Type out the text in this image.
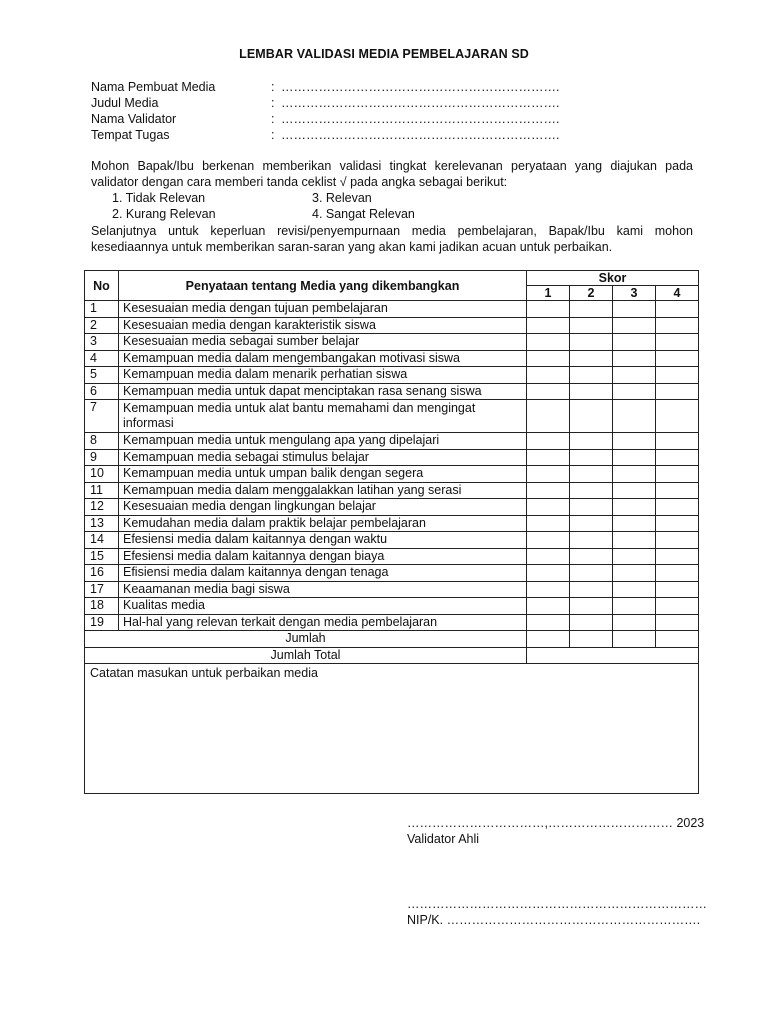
LEMBAR VALIDASI MEDIA PEMBELAJARAN SD
Nama Pembuat Media	: ………………………………………………………….
Judul Media	: ………………………………………………………….
Nama Validator	: ………………………………………………………….
Tempat Tugas	: ………………………………………………………….

Mohon Bapak/Ibu berkenan memberikan validasi tingkat kerelevanan peryataan yang diajukan pada validator dengan cara memberi tanda ceklist √ pada angka sebagai berikut:

1. Tidak Relevan	3. Relevan
2. Kurang Relevan	4. Sangat Relevan

Selanjutnya untuk keperluan revisi/penyempurnaan media pembelajaran, Bapak/Ibu kami mohon kesediaannya untuk memberikan saran-saran yang akan kami jadikan acuan untuk perbaikan.

No	Penyataan tentang Media yang dikembangkan	Skor			
		1	2	3	4
1	Kesesuaian media dengan tujuan pembelajaran				
2	Kesesuaian media dengan karakteristik siswa				
3	Kesesuaian media sebagai sumber belajar				
4	Kemampuan media dalam mengembangakan motivasi siswa				
5	Kemampuan media dalam menarik perhatian siswa				
6	Kemampuan media untuk dapat menciptakan rasa senang siswa				
7	Kemampuan media untuk alat bantu memahami dan mengingat informasi				
8	Kemampuan media untuk mengulang apa yang dipelajari				
9	Kemampuan media sebagai stimulus belajar				
10	Kemampuan media untuk umpan balik dengan segera				
11	Kemampuan media dalam menggalakkan latihan yang serasi				
12	Kesesuaian media dengan lingkungan belajar				
13	Kemudahan media dalam praktik belajar pembelajaran				
14	Efesiensi media dalam kaitannya dengan waktu				
15	Efesiensi media dalam kaitannya dengan biaya				
16	Efisiensi media dalam kaitannya dengan tenaga				
17	Keaamanan media bagi siswa				
18	Kualitas media				
19	Hal-hal yang relevan terkait dengan media pembelajaran				
Jumlah					
Jumlah Total					
Catatan masukan untuk perbaikan media					
……………………………,………………………… 2023
Validator Ahli
………………………………………………………………
NIP/K. …………………………………………………….
